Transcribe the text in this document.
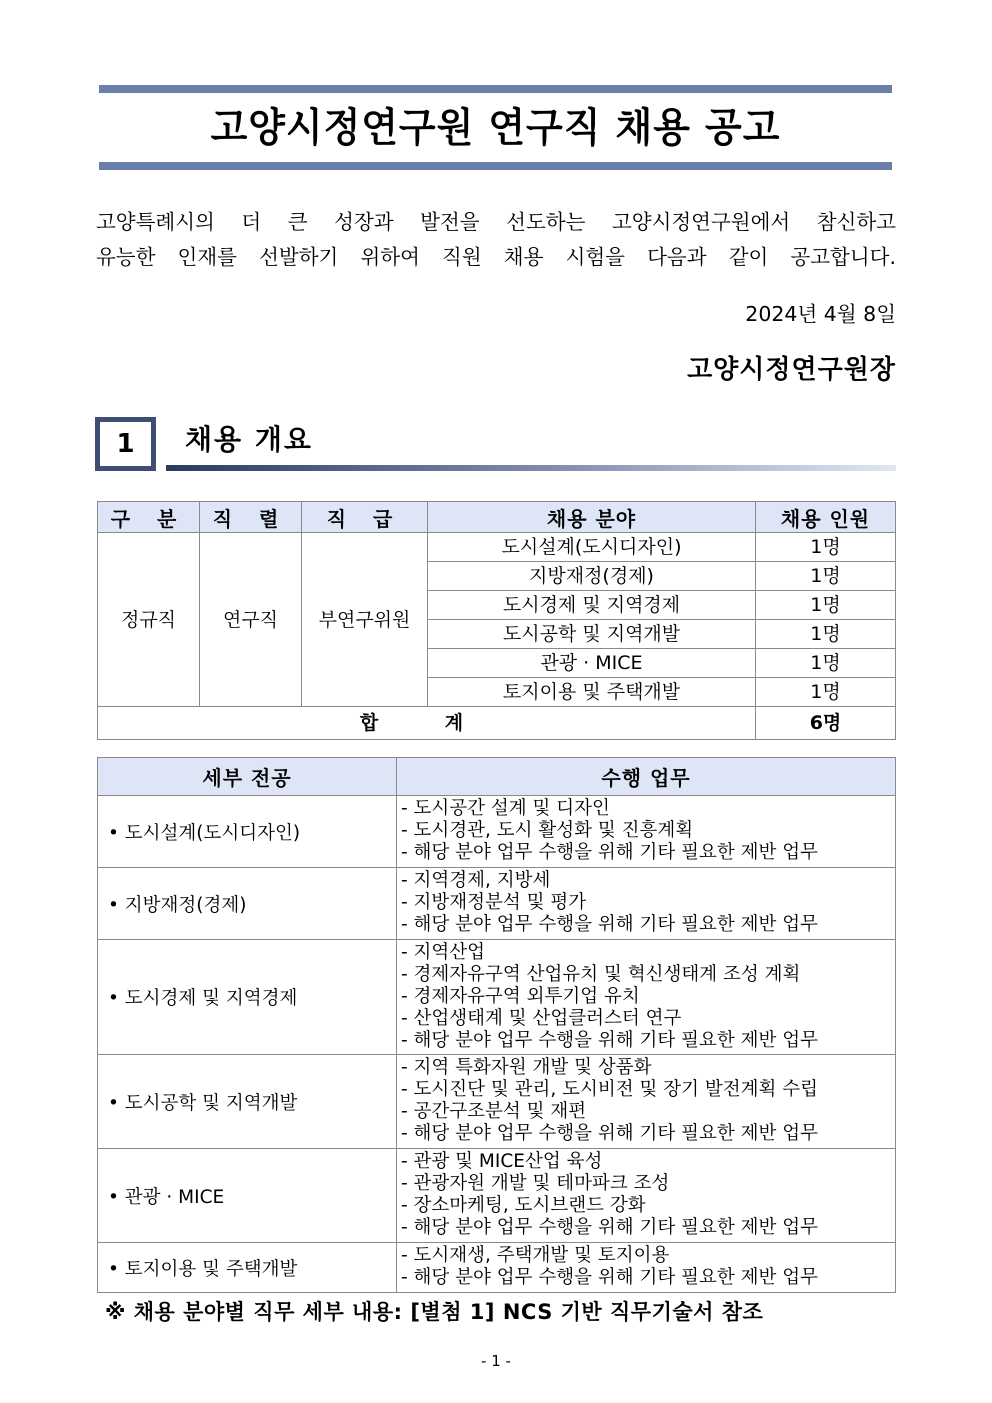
고양시정연구원 연구직 채용 공고
고양특례시의 더 큰 성장과 발전을 선도하는 고양시정연구원에서 참신하고
유능한 인재를 선발하기 위하여 직원 채용 시험을 다음과 같이 공고합니다.
2024년 4월 8일
고양시정연구원장
1 채용 개요
구 분	직 렬	직 급	채용 분야	채용 인원
정규직	연구직	부연구위원	도시설계(도시디자인)	1명
			지방재정(경제)	1명
			도시경제 및 지역경제	1명
			도시공학 및 지역개발	1명
			관광 · MICE	1명
			토지이용 및 주택개발	1명
합 계				6명
세부 전공	수행 업무
• 도시설계(도시디자인)	- 도시공간 설계 및 디자인
- 도시경관, 도시 활성화 및 진흥계획
- 해당 분야 업무 수행을 위해 기타 필요한 제반 업무

• 지방재정(경제)	- 지역경제, 지방세
- 지방재정분석 및 평가
- 해당 분야 업무 수행을 위해 기타 필요한 제반 업무

• 도시경제 및 지역경제	- 지역산업
- 경제자유구역 산업유치 및 혁신생태계 조성 계획
- 경제자유구역 외투기업 유치
- 산업생태계 및 산업클러스터 연구
- 해당 분야 업무 수행을 위해 기타 필요한 제반 업무

• 도시공학 및 지역개발	- 지역 특화자원 개발 및 상품화
- 도시진단 및 관리, 도시비전 및 장기 발전계획 수립
- 공간구조분석 및 재편
- 해당 분야 업무 수행을 위해 기타 필요한 제반 업무

• 관광 · MICE	- 관광 및 MICE산업 육성
- 관광자원 개발 및 테마파크 조성
- 장소마케팅, 도시브랜드 강화
- 해당 분야 업무 수행을 위해 기타 필요한 제반 업무

• 토지이용 및 주택개발	- 도시재생, 주택개발 및 토지이용
- 해당 분야 업무 수행을 위해 기타 필요한 제반 업무
※ 채용 분야별 직무 세부 내용: [별첨 1] NCS 기반 직무기술서 참조
- 1 -
